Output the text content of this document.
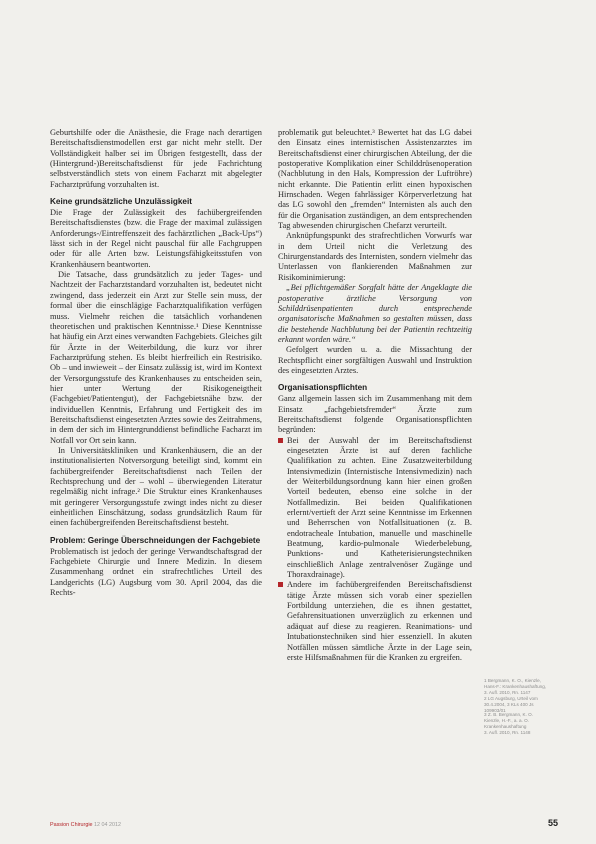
Geburtshilfe oder die Anästhesie, die Frage nach derartigen Bereitschaftsdienstmodellen erst gar nicht mehr stellt. Der Vollständigkeit halber sei im Übrigen festgestellt, dass der (Hintergrund-)Bereitschaftsdienst für jede Fachrichtung selbstverständlich stets von einem Facharzt mit abgelegter Facharztprüfung vorzuhalten ist.

Keine grundsätzliche Unzulässigkeit

Die Frage der Zulässigkeit des fachübergreifenden Bereitschaftsdienstes (bzw. die Frage der maximal zulässigen Anforderungs-/Eintreffenszeit des fachärztlichen „Back-Ups“) lässt sich in der Regel nicht pauschal für alle Fachgruppen oder für alle Arten bzw. Leistungsfähigkeitsstufen von Krankenhäusern beantworten.

Die Tatsache, dass grundsätzlich zu jeder Tages- und Nachtzeit der Facharztstandard vorzuhalten ist, bedeutet nicht zwingend, dass jederzeit ein Arzt zur Stelle sein muss, der formal über die einschlägige Facharztqualifikation verfügen muss. Vielmehr reichen die tatsächlich vorhandenen theoretischen und praktischen Kenntnisse.¹ Diese Kenntnisse hat häufig ein Arzt eines verwandten Fachgebiets. Gleiches gilt für Ärzte in der Weiterbildung, die kurz vor ihrer Facharztprüfung stehen. Es bleibt hierfreilich ein Restrisiko. Ob – und inwieweit – der Einsatz zulässig ist, wird im Kontext der Versorgungsstufe des Krankenhauses zu entscheiden sein, hier unter Wertung der Risikogeneigtheit (Fachgebiet/Patientengut), der Fachgebietsnähe bzw. der individuellen Kenntnis, Erfahrung und Fertigkeit des im Bereitschaftsdienst eingesetzten Arztes sowie des Zeitrahmens, in dem der sich im Hintergrunddienst befindliche Facharzt im Notfall vor Ort sein kann.

In Universitätskliniken und Krankenhäusern, die an der institutionalisierten Notversorgung beteiligt sind, kommt ein fachübergreifender Bereitschaftsdienst nach Teilen der Rechtsprechung und der – wohl – überwiegenden Literatur regelmäßig nicht infrage.² Die Struktur eines Krankenhauses mit geringerer Versorgungsstufe zwingt indes nicht zu dieser einheitlichen Einschätzung, sodass grundsätzlich Raum für einen fachübergreifenden Bereitschaftsdienst besteht.

Problem: Geringe Überschneidungen der Fachgebiete

Problematisch ist jedoch der geringe Verwandtschaftsgrad der Fachgebiete Chirurgie und Innere Medizin. In diesem Zusammenhang ordnet ein strafrechtliches Urteil des Landgerichts (LG) Augsburg vom 30. April 2004, das die Rechts-

problematik gut beleuchtet.³ Bewertet hat das LG dabei den Einsatz eines internistischen Assistenzarztes im Bereitschaftsdienst einer chirurgischen Abteilung, der die postoperative Komplikation einer Schilddrüsenoperation (Nachblutung in den Hals, Kompression der Luftröhre) nicht erkannte. Die Patientin erlitt einen hypoxischen Hirnschaden. Wegen fahrlässiger Körperverletzung hat das LG sowohl den „fremden“ Internisten als auch den für die Organisation zuständigen, an dem entsprechenden Tag abwesenden chirurgischen Chefarzt verurteilt.

Anknüpfungspunkt des strafrechtlichen Vorwurfs war in dem Urteil nicht die Verletzung des Chirurgenstandards des Internisten, sondern vielmehr das Unterlassen von flankierenden Maßnahmen zur Risikominimierung:

„Bei pflichtgemäßer Sorgfalt hätte der Angeklagte die postoperative ärztliche Versorgung von Schilddrüsenpatienten durch entsprechende organisatorische Maßnahmen so gestalten müssen, dass die bestehende Nachblutung bei der Patientin rechtzeitig erkannt worden wäre.“

Gefolgert wurden u. a. die Missachtung der Rechtspflicht einer sorgfältigen Auswahl und Instruktion des eingesetzten Arztes.

Organisationspflichten

Ganz allgemein lassen sich im Zusammenhang mit dem Einsatz „fachgebietsfremder“ Ärzte zum Bereitschaftsdienst folgende Organisationspflichten begründen:

Bei der Auswahl der im Bereitschaftsdienst eingesetzten Ärzte ist auf deren fachliche Qualifikation zu achten. Eine Zusatzweiterbildung Intensivmedizin (Internistische Intensivmedizin) nach der Weiterbildungsordnung kann hier einen großen Vorteil bedeuten, ebenso eine solche in der Notfallmedizin. Bei beiden Qualifikationen erlernt/vertieft der Arzt seine Kenntnisse im Erkennen und Beherrschen von Notfallsituationen (z. B. endotracheale Intubation, manuelle und maschinelle Beatmung, kardio-pulmonale Wiederbelebung, Punktions- und Katheterisierungstechniken einschließlich Anlage zentralvenöser Zugänge und Thoraxdrainage).
Andere im fachübergreifenden Bereitschaftsdienst tätige Ärzte müssen sich vorab einer speziellen Fortbildung unterziehen, die es ihnen gestattet, Gefahrensituationen unverzüglich zu erkennen und adäquat auf diese zu reagieren. Reanimations- und Intubationstechniken sind hier essenziell. In akuten Notfällen müssen sämtliche Ärzte in der Lage sein, erste Hilfsmaßnahmen für die Kranken zu ergreifen.

1 Bergmann, K. O., Kienzle,

Hans-F.: Krankenhaushaftung,

3. Aufl. 2010, Rn. 1147

2 LG Augsburg, Urteil vom

30.4.2004, 3 KLs 400 Js

109903/01

3 Z. B. Bergmann, K. O.

Kienzle, H.-F., a. a. O.

Krankenhaushaftung

3. Aufl. 2010, Rn. 1148

Passion Chirurgie 12 04 2012	55
